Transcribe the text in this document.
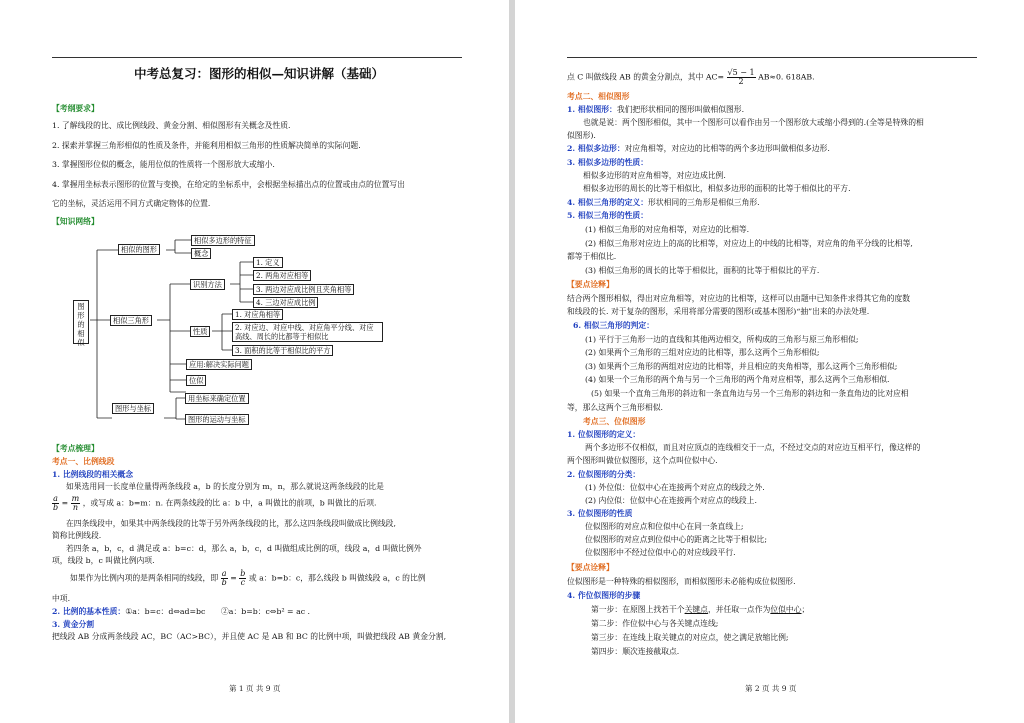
中考总复习：图形的相似—知识讲解（基础）
【考纲要求】
1. 了解线段的比、成比例线段、黄金分割、相似图形有关概念及性质.
2. 探索并掌握三角形相似的性质及条件，并能利用相似三角形的性质解决简单的实际问题.
3. 掌握图形位似的概念，能用位似的性质将一个图形放大或缩小.
4. 掌握用坐标表示图形的位置与变换，在给定的坐标系中，会根据坐标描出点的位置或由点的位置写出
它的坐标，灵活运用不同方式确定物体的位置.
【知识网络】
图形的相似
相似的图形
相似三角形
图形与坐标
相似多边形的特征
概念
识别方法
性质
1. 定义
2. 两角对应相等
3. 两边对应成比例且夹角相等
4. 三边对应成比例
1. 对应角相等
2. 对应边、对应中线、对应角平分线、对应高线、周长的比都等于相似比
3. 面积的比等于相似比的平方
应用:解决实际问题
位似
用坐标来确定位置
图形的运动与坐标
【考点梳理】
考点一、比例线段
1. 比例线段的相关概念
如果选用同一长度单位量得两条线段 a，b 的长度分别为 m，n，那么就说这两条线段的比是
$\frac{a}{b} = \frac{m}{n}$ ，或写成 a：b=m：n. 在两条线段的比 a：b 中，a 叫做比的前项，b 叫做比的后项.
在四条线段中，如果其中两条线段的比等于另外两条线段的比，那么这四条线段叫做成比例线段,
简称比例线段.
若四条 a，b，c，d 满足或 a：b=c：d，那么 a，b，c，d 叫做组成比例的项，线段 a，d 叫做比例外
项，线段 b，c 叫做比例内项.
如果作为比例内项的是两条相同的线段，即 $\frac{a}{b} = \frac{b}{c}$ 或 a：b=b：c，那么线段 b 叫做线段 a，c 的比例
中项.
2. 比例的基本性质：①a：b=c：d⇔ad=bc　　②a：b=b：c⇔b² = ac .
3. 黄金分割
把线段 AB 分成两条线段 AC，BC（AC>BC），并且使 AC 是 AB 和 BC 的比例中项，叫做把线段 AB 黄金分割,
第 1 页 共 9 页
点 C 叫做线段 AB 的黄金分割点，其中 $AC= \frac{√5 - 1}{2} AB\approx 0$. 618AB.
考点二、相似图形
1. 相似图形：我们把形状相同的图形叫做相似图形.
也就是说：两个图形相似，其中一个图形可以看作由另一个图形放大或缩小得到的.(全等是特殊的相
似图形).
2. 相似多边形：对应角相等，对应边的比相等的两个多边形叫做相似多边形.
3. 相似多边形的性质：
相似多边形的对应角相等，对应边成比例.
相似多边形的周长的比等于相似比，相似多边形的面积的比等于相似比的平方.
4. 相似三角形的定义：形状相同的三角形是相似三角形.
5. 相似三角形的性质：
(1) 相似三角形的对应角相等，对应边的比相等.
(2) 相似三角形对应边上的高的比相等，对应边上的中线的比相等，对应角的角平分线的比相等,
都等于相似比.
(3) 相似三角形的周长的比等于相似比，面积的比等于相似比的平方.
【要点诠释】
结合两个图形相似，得出对应角相等，对应边的比相等，这样可以由题中已知条件求得其它角的度数
和线段的长. 对于复杂的图形，采用将部分需要的图形(或基本图形)“抽”出来的办法处理.
6. 相似三角形的判定：
(1) 平行于三角形一边的直线和其他两边相交，所构成的三角形与原三角形相似;
(2) 如果两个三角形的三组对应边的比相等，那么这两个三角形相似;
(3) 如果两个三角形的两组对应边的比相等，并且相应的夹角相等，那么这两个三角形相似;
(4) 如果一个三角形的两个角与另一个三角形的两个角对应相等，那么这两个三角形相似.
(5) 如果一个直角三角形的斜边和一条直角边与另一个三角形的斜边和一条直角边的比对应相
等，那么这两个三角形相似.
考点三、位似图形
1. 位似图形的定义：
两个多边形不仅相似，而且对应顶点的连线相交于一点，不经过交点的对应边互相平行，像这样的
两个图形叫做位似图形，这个点叫位似中心.
2. 位似图形的分类：
(1) 外位似：位似中心在连接两个对应点的线段之外.
(2) 内位似：位似中心在连接两个对应点的线段上.
3. 位似图形的性质
位似图形的对应点和位似中心在同一条直线上;
位似图形的对应点到位似中心的距离之比等于相似比;
位似图形中不经过位似中心的对应线段平行.
【要点诠释】
位似图形是一种特殊的相似图形，而相似图形未必能构成位似图形.
4. 作位似图形的步骤
第一步：在原图上找若干个关键点，并任取一点作为位似中心；
第二步：作位似中心与各关键点连线;
第三步：在连线上取关键点的对应点，使之满足放缩比例;
第四步：顺次连接截取点.
第 2 页 共 9 页
